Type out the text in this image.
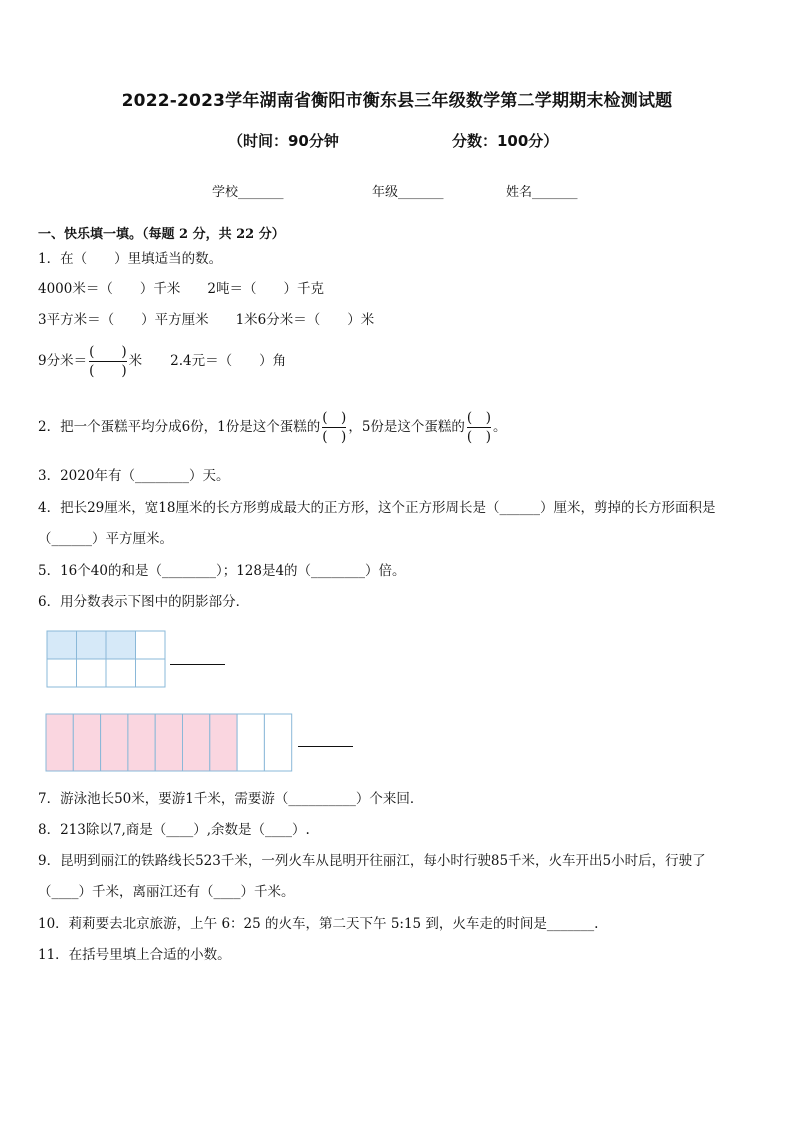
2022-2023学年湖南省衡阳市衡东县三年级数学第二学期期末检测试题
（时间：90分钟	分数：100分）
学校_______	年级_______	姓名_______
一、快乐填一填。（每题 2 分，共 22 分）
1．在（　　）里填适当的数。
4000米＝（　　）千米　　2吨＝（　　）千克
3平方米＝（　　）平方厘米　　1米6分米＝（　　）米
9分米＝ $\frac{( )}{( )}$ 米 2.4元＝（　　）角
2．把一个蛋糕平均分成6份，1份是这个蛋糕的 $\frac{( )}{( )}$ ，5份是这个蛋糕的 $\frac{( )}{( )}$ 。
3．2020年有（________）天。
4．把长29厘米，宽18厘米的长方形剪成最大的正方形，这个正方形周长是（______）厘米，剪掉的长方形面积是
（______）平方厘米。
5．16个40的和是（________）；128是4的（________）倍。
6．用分数表示下图中的阴影部分．
7．游泳池长50米，要游1千米，需要游（__________）个来回．
8．213除以7,商是（____）,余数是（____）.
9．昆明到丽江的铁路线长523千米，一列火车从昆明开往丽江，每小时行驶85千米，火车开出5小时后，行驶了
（____）千米，离丽江还有（____）千米。
10．莉莉要去北京旅游，上午 6：25 的火车，第二天下午 5:15 到，火车走的时间是_______.
11．在括号里填上合适的小数。
